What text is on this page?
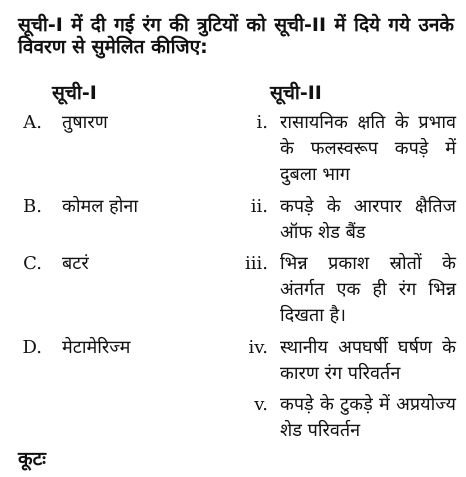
सूची-I में दी गई रंग की त्रुटियों को सूची-II में दिये गये उनके विवरण से सुमेलित कीजिए:
सूची-I	सूची-II
A. तुषारण
B. कोमल होना
C. बटरं
D. मेटामेरिज्म
i. रासायनिक क्षति के प्रभाव के फलस्वरूप कपड़े में दुबला भाग
ii. कपड़े के आरपार क्षैतिज ऑफ शेड बैंड
iii. भिन्न प्रकाश स्रोतों के अंतर्गत एक ही रंग भिन्न दिखता है।
iv. स्थानीय अपघर्षी घर्षण के कारण रंग परिवर्तन
v. कपड़े के टुकड़े में अप्रयोज्य शेड परिवर्तन
कूटः
